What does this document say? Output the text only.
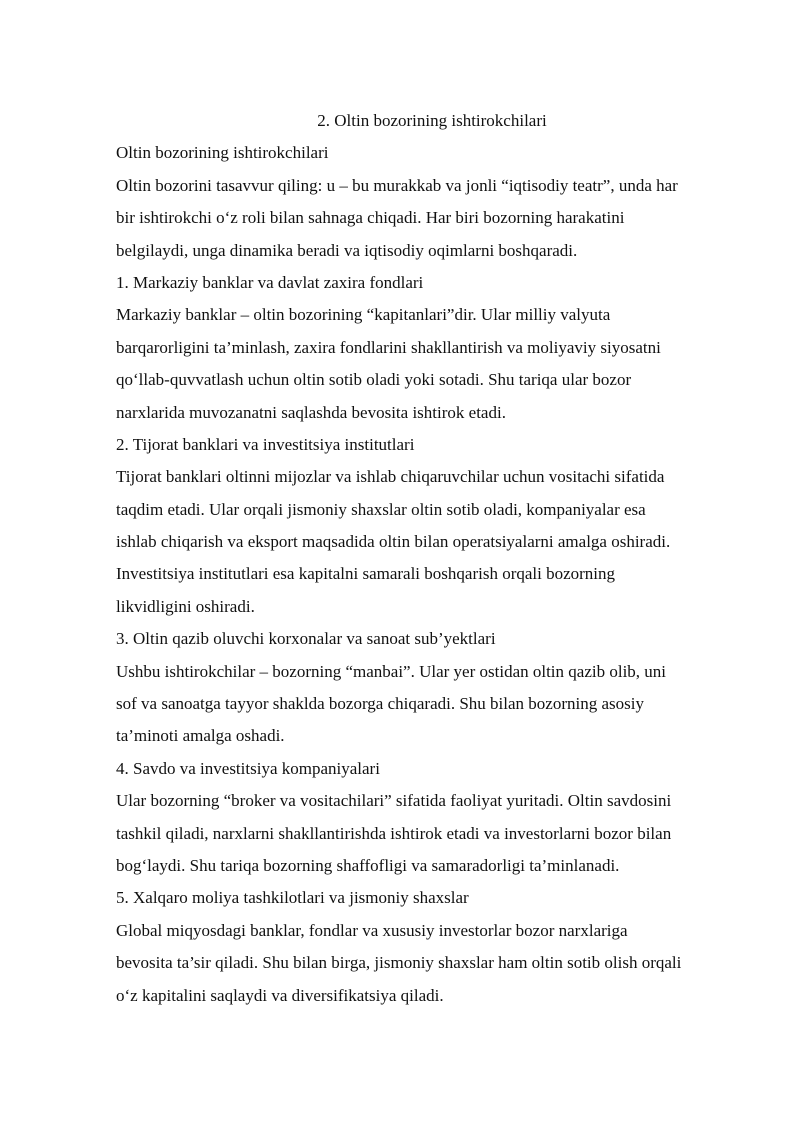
2. Oltin bozorining ishtirokchilari
Oltin bozorining ishtirokchilari
Oltin bozorini tasavvur qiling: u – bu murakkab va jonli “iqtisodiy teatr”, unda har
bir ishtirokchi o‘z roli bilan sahnaga chiqadi. Har biri bozorning harakatini
belgilaydi, unga dinamika beradi va iqtisodiy oqimlarni boshqaradi.
1. Markaziy banklar va davlat zaxira fondlari
Markaziy banklar – oltin bozorining “kapitanlari”dir. Ular milliy valyuta
barqarorligini ta’minlash, zaxira fondlarini shakllantirish va moliyaviy siyosatni
qo‘llab-quvvatlash uchun oltin sotib oladi yoki sotadi. Shu tariqa ular bozor
narxlarida muvozanatni saqlashda bevosita ishtirok etadi.
2. Tijorat banklari va investitsiya institutlari
Tijorat banklari oltinni mijozlar va ishlab chiqaruvchilar uchun vositachi sifatida
taqdim etadi. Ular orqali jismoniy shaxslar oltin sotib oladi, kompaniyalar esa
ishlab chiqarish va eksport maqsadida oltin bilan operatsiyalarni amalga oshiradi.
Investitsiya institutlari esa kapitalni samarali boshqarish orqali bozorning
likvidligini oshiradi.
3. Oltin qazib oluvchi korxonalar va sanoat sub’yektlari
Ushbu ishtirokchilar – bozorning “manbai”. Ular yer ostidan oltin qazib olib, uni
sof va sanoatga tayyor shaklda bozorga chiqaradi. Shu bilan bozorning asosiy
ta’minoti amalga oshadi.
4. Savdo va investitsiya kompaniyalari
Ular bozorning “broker va vositachilari” sifatida faoliyat yuritadi. Oltin savdosini
tashkil qiladi, narxlarni shakllantirishda ishtirok etadi va investorlarni bozor bilan
bog‘laydi. Shu tariqa bozorning shaffofligi va samaradorligi ta’minlanadi.
5. Xalqaro moliya tashkilotlari va jismoniy shaxslar
Global miqyosdagi banklar, fondlar va xususiy investorlar bozor narxlariga
bevosita ta’sir qiladi. Shu bilan birga, jismoniy shaxslar ham oltin sotib olish orqali
o‘z kapitalini saqlaydi va diversifikatsiya qiladi.
